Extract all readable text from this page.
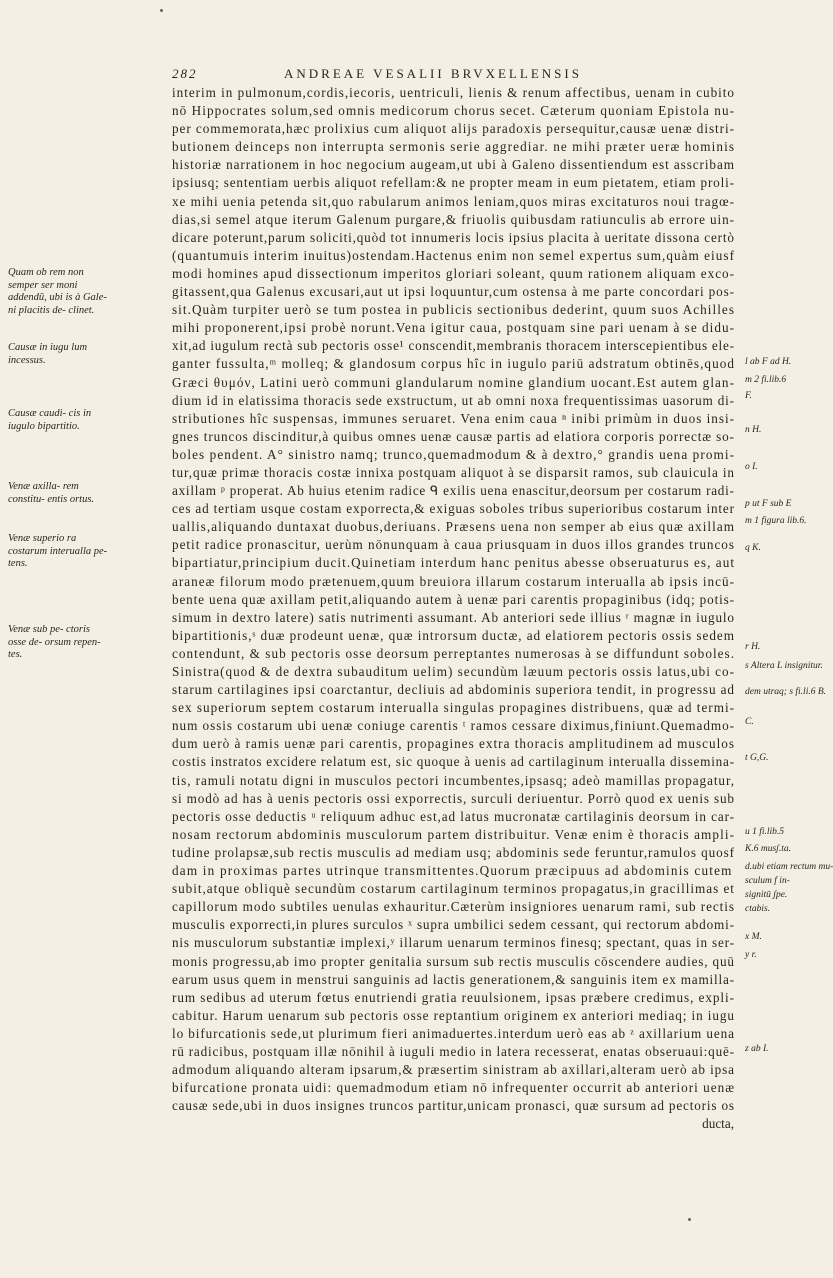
282	ANDREAE VESALII BRVXELLENSIS
interim in pulmonum,cordis,iecoris, uentriculi, lienis & renum affectibus, uenam in cubito
nō Hippocrates solum,sed omnis medicorum chorus secet. Cæterum quoniam Epistola nu-
per commemorata,hæc prolixius cum aliquot alijs paradoxis persequitur,causæ uenæ distri-
butionem deinceps non interrupta sermonis serie aggrediar. ne mihi præter ueræ hominis
historiæ narrationem in hoc negocium augeam,ut ubi à Galeno dissentiendum est asscribam
ipsiusq; sententiam uerbis aliquot refellam:& ne propter meam in eum pietatem, etiam proli-
xe mihi uenia petenda sit,quo rabularum animos leniam,quos miras excitaturos noui tragœ-
dias,si semel atque iterum Galenum purgare,& friuolis quibusdam ratiunculis ab errore uin-
dicare poterunt,parum soliciti,quòd tot innumeris locis ipsius placita à ueritate dissona certò
(quantumuis interim inuitus)ostendam.Hactenus enim non semel expertus sum,quàm eiusf
modi homines apud dissectionum imperitos gloriari soleant, quum rationem aliquam exco-
gitassent,qua Galenus excusari,aut ut ipsi loquuntur,cum ostensa à me parte concordari pos-
sit.Quàm turpiter uerò se tum postea in publicis sectionibus dederint, quum suos Achilles
mihi proponerent,ipsi probè norunt.Vena igitur caua, postquam sine pari uenam à se didu-
xit,ad iugulum rectà sub pectoris osse¹ conscendit,membranis thoracem interscepientibus ele-
ganter fussulta,ᵐ molleq; & glandosum corpus hîc in iugulo pariū adstratum obtinēs,quod
Græci θυμόν, Latini uerò communi glandularum nomine glandium uocant.Est autem glan-
dium id in elatissima thoracis sede exstructum, ut ab omni noxa frequentissimas uasorum di-
stributiones hîc suspensas, immunes seruaret. Vena enim caua ⁿ inibi primùm in duos insi-
gnes truncos discinditur,à quibus omnes uenæ causæ partis ad elatiora corporis porrectæ so-
boles pendent. A° sinistro namq; trunco,quemadmodum & à dextro,° grandis uena promi-
tur,quæ primæ thoracis costæ innixa postquam aliquot à se disparsit ramos, sub clauicula in
axillam ᵖ properat. Ab huius etenim radice ᑫ exilis uena enascitur,deorsum per costarum radi-
ces ad tertiam usque costam exporrecta,& exiguas soboles tribus superioribus costarum inter
uallis,aliquando duntaxat duobus,deriuans. Præsens uena non semper ab eius quæ axillam
petit radice pronascitur, uerùm nōnunquam à caua priusquam in duos illos grandes truncos
bipartiatur,principium ducit.Quinetiam interdum hanc penitus abesse obseruaturus es, aut
araneæ filorum modo prætenuem,quum breuiora illarum costarum interualla ab ipsis incū-
bente uena quæ axillam petit,aliquando autem à uenæ pari carentis propaginibus (idq; potis-
simum in dextro latere) satis nutrimenti assumant. Ab anteriori sede illius ʳ magnæ in iugulo
bipartitionis,ˢ duæ prodeunt uenæ, quæ introrsum ductæ, ad elatiorem pectoris ossis sedem
contendunt, & sub pectoris osse deorsum perreptantes numerosas à se diffundunt soboles.
Sinistra(quod & de dextra subauditum uelim) secundùm læuum pectoris ossis latus,ubi co-
starum cartilagines ipsi coarctantur, decliuis ad abdominis superiora tendit, in progressu ad
sex superiorum septem costarum interualla singulas propagines distribuens, quæ ad termi-
num ossis costarum ubi uenæ coniuge carentis ᵗ ramos cessare diximus,finiunt.Quemadmo-
dum uerò à ramis uenæ pari carentis, propagines extra thoracis amplitudinem ad musculos
costis instratos excidere relatum est, sic quoque à uenis ad cartilaginum interualla dissemina-
tis, ramuli notatu digni in musculos pectori incumbentes,ipsasq; adeò mamillas propagatur,
si modò ad has à uenis pectoris ossi exporrectis, surculi deriuentur. Porrò quod ex uenis sub
pectoris osse deductis ᵘ reliquum adhuc est,ad latus mucronatæ cartilaginis deorsum in car-
nosam rectorum abdominis musculorum partem distribuitur. Venæ enim è thoracis ampli-
tudine prolapsæ,sub rectis musculis ad mediam usq; abdominis sede feruntur,ramulos quosf
dam in proximas partes utrinque transmittentes.Quorum præcipuus ad abdominis cutem
subit,atque obliquè secundùm costarum cartilaginum terminos propagatus,in gracillimas et
capillorum modo subtiles uenulas exhauritur.Cæterùm insigniores uenarum rami, sub rectis
musculis exporrecti,in plures surculos ˣ supra umbilici sedem cessant, qui rectorum abdomi-
nis musculorum substantiæ implexi,ʸ illarum uenarum terminos finesq; spectant, quas in ser-
monis progressu,ab imo propter genitalia sursum sub rectis musculis cōscendere audies, quū
earum usus quem in menstrui sanguinis ad lactis generationem,& sanguinis item ex mamilla-
rum sedibus ad uterum fœtus enutriendi gratia reuulsionem, ipsas præbere credimus, expli-
cabitur. Harum uenarum sub pectoris osse reptantium originem ex anteriori mediaq; in iugu
lo bifurcationis sede,ut plurimum fieri animaduertes.interdum uerò eas ab ᶻ axillarium uena
rū radicibus, postquam illæ nōnihil à iuguli medio in latera recesserat, enatas obseruaui:quē-
admodum aliquando alteram ipsarum,& præsertim sinistram ab axillari,alteram uerò ab ipsa
bifurcatione pronata uidi: quemadmodum etiam nō infrequenter occurrit ab anteriori uenæ
causæ sede,ubi in duos insignes truncos partitur,unicam pronasci, quæ sursum ad pectoris os
ducta,
Quam ob rem non semper ser moni addendū, ubi is à Gale- ni placitis de- clinet.
Causæ in iugu lum incessus.
Causæ caudi- cis in iugulo bipartitio.
Venæ axilla- rem constitu- entis ortus.
Venæ superio ra costarum interualla pe- tens.
Venæ sub pe- ctoris osse de- orsum repen- tes.
l ab F ad H.
m 2 fi.lib.6
F.
n H.
o I.
p ut F sub E
m 1 figura lib.6.
q K.
r H.
s Altera L insignitur.
dem utraq; s fi.li.6 B.
C.
t G,G.
u 1 fi.lib.5
K.6 musʃ.ta.
d.ubi etiam rectum mu-
sculum f in-
signitū ʃpe.
ctabis.
x M.
y r.
z ab I.
